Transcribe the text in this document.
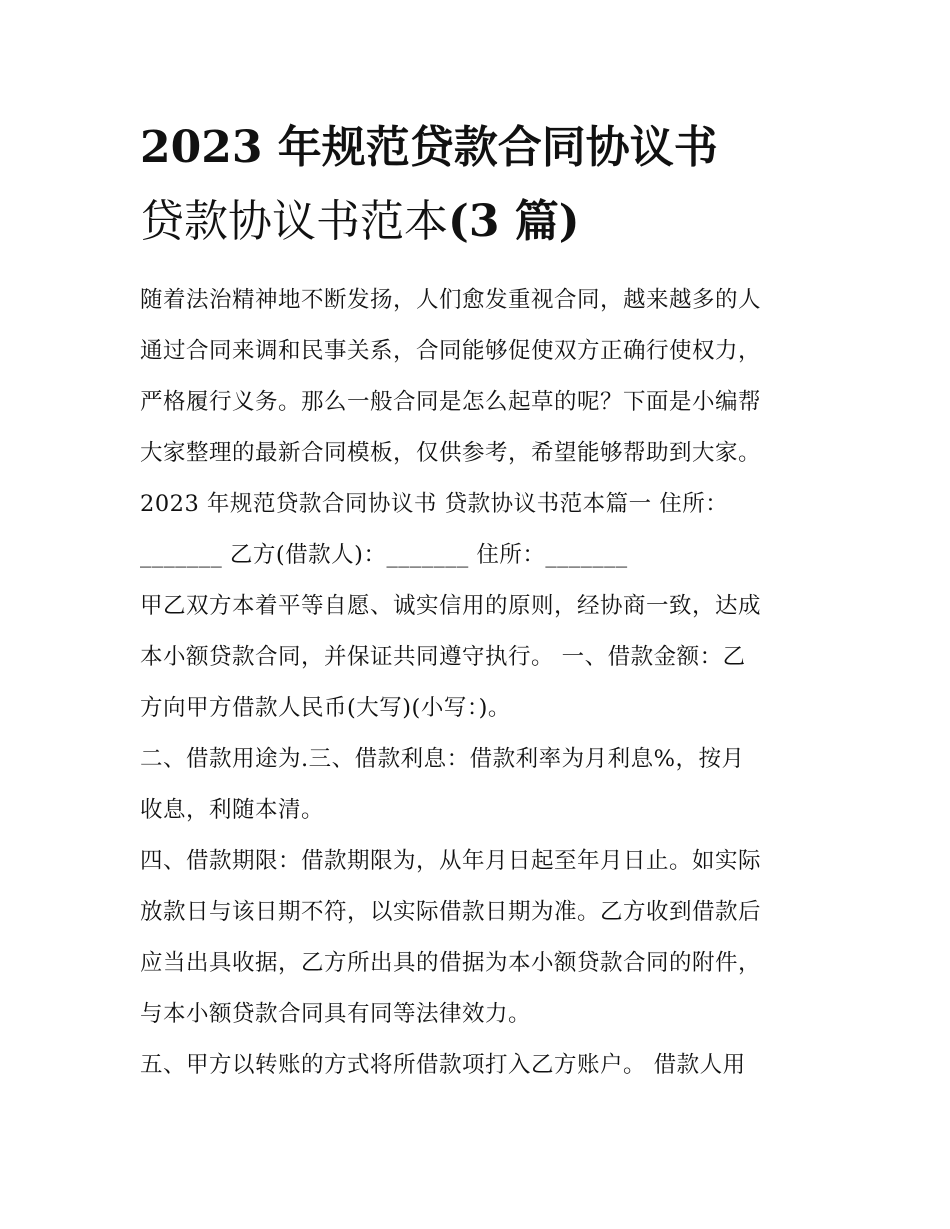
2023 年规范贷款合同协议书
贷款协议书范本(3 篇)
随着法治精神地不断发扬，人们愈发重视合同，越来越多的人
通过合同来调和民事关系，合同能够促使双方正确行使权力，
严格履行义务。那么一般合同是怎么起草的呢？下面是小编帮
大家整理的最新合同模板，仅供参考，希望能够帮助到大家。
2023 年规范贷款合同协议书 贷款协议书范本篇一 住所：
_______ 乙方(借款人)：_______ 住所：_______
甲乙双方本着平等自愿、诚实信用的原则，经协商一致，达成
本小额贷款合同，并保证共同遵守执行。 一、借款金额：乙
方向甲方借款人民币(大写)(小写：)。
二、借款用途为.三、借款利息：借款利率为月利息%，按月
收息，利随本清。
四、借款期限：借款期限为，从年月日起至年月日止。如实际
放款日与该日期不符，以实际借款日期为准。乙方收到借款后
应当出具收据，乙方所出具的借据为本小额贷款合同的附件，
与本小额贷款合同具有同等法律效力。
五、甲方以转账的方式将所借款项打入乙方账户。 借款人用
